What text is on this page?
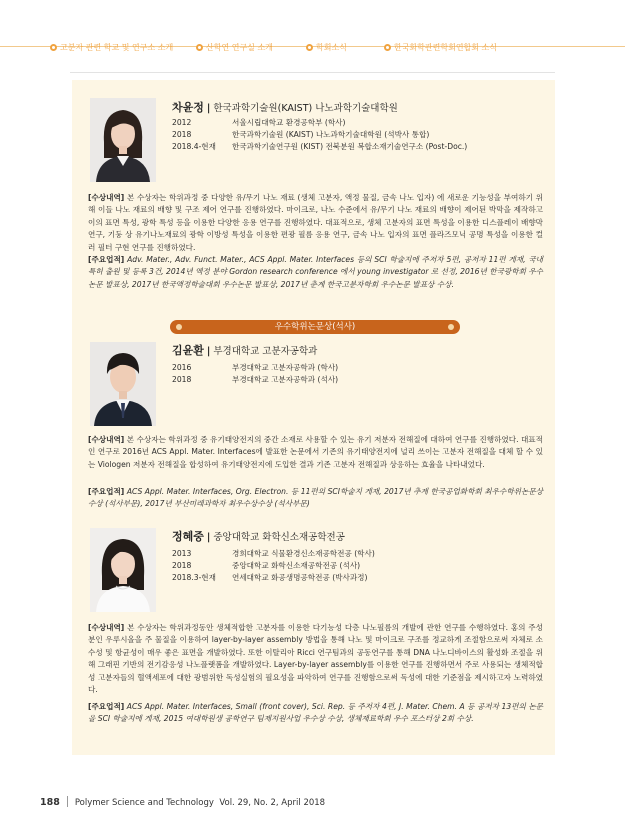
고분자 관련 학교 및 연구소 소개	산학연 연구실 소개	학회소식	한국화학관련학회연합회 소식
차윤정 | 한국과학기술원(KAIST) 나노과학기술대학원
2012	서울시립대학교 환경공학부 (학사)
2018	한국과학기술원 (KAIST) 나노과학기술대학원 (석박사 통합)
2018.4-현재 한국과학기술연구원 (KIST) 전북분원 복합소재기술연구소 (Post-Doc.)
[수상내역] 본 수상자는 학위과정 중 다양한 유/무기 나노 재료 (생체 고분자, 액정 물질, 금속 나노 입자) 에 새로운 기능성을 부여하기 위해 이들 나노 재료의 배향 및 구조 제어 연구를 진행하였다. 마이크로, 나노 수준에서 유/무기 나노 재료의 배향이 제어된 박막을 제작하고 이의 표면 특성, 광학 특성 등을 이용한 다양한 응용 연구를 진행하였다. 대표적으로, 생체 고분자의 표면 특성을 이용한 디스플레이 배향막 연구, 기둥 상 유기나노재료의 광학 이방성 특성을 이용한 편광 필름 응용 연구, 금속 나노 입자의 표면 플라즈모닉 공명 특성을 이용한 컬러 필터 구현 연구를 진행하였다.
[주요업적] Adv. Mater., Adv. Funct. Mater., ACS Appl. Mater. Interfaces 등의 SCI 학술지에 주저자 5편, 공저자 11편 게재, 국내 특허 출원 및 등록 3건, 2014년 액정 분야 Gordon research conference 에서 young investigator 로 선정, 2016년 한국광학회 우수논문 발표상, 2017년 한국액정학술대회 우수논문 발표상, 2017년 춘계 한국고분자학회 우수논문 발표상 수상.
우수학위논문상(석사)
김윤환 | 부경대학교 고분자공학과
2016	부경대학교 고분자공학과 (학사)
2018	부경대학교 고분자공학과 (석사)
[수상내역] 본 수상자는 학위과정 중 유기태양전지의 중간 소재로 사용할 수 있는 유기 저분자 전해질에 대하여 연구를 진행하였다. 대표적인 연구로 2016년 ACS Appl. Mater. Interfaces에 발표한 논문에서 기존의 유기태양전지에 널리 쓰이는 고분자 전해질을 대체 할 수 있는 Viologen 저분자 전해질을 합성하여 유기태양전지에 도입한 결과 기존 고분자 전해질과 상응하는 효율을 나타내었다.
[주요업적] ACS Appl. Mater. Interfaces, Org. Electron. 등 11편의 SCI학술지 게재, 2017년 추계 한국공업화학회 최우수학위논문상 수상 (석사부문), 2017년 부산미래과학자 최우수상수상 (석사부문)
정혜중 | 중앙대학교 화학신소재공학전공
2013	경희대학교 식물환경신소재공학전공 (학사)
2018	중앙대학교 화학신소재공학전공 (석사)
2018.3-현재 연세대학교 화공생명공학전공 (박사과정)
[수상내역] 본 수상자는 학위과정동안 생체적합한 고분자를 이용한 다기능성 다층 나노필름의 개발에 관한 연구를 수행하였다. 홍의 주성분인 우루시올을 주 물질을 이용하여 layer-by-layer assembly 방법을 통해 나노 및 마이크로 구조를 정교하게 조절함으로써 자체로 소수성 및 항균성이 매우 좋은 표면을 개발하였다. 또한 이탈리아 Ricci 연구팀과의 공동연구를 통해 DNA 나노디바이스의 활성화 조절을 위해 그래핀 기반의 전기감응성 나노플랫폼을 개발하였다. Layer-by-layer assembly를 이용한 연구를 진행하면서 주로 사용되는 생체적합성 고분자들의 혈액세포에 대한 광범위한 독성실험의 필요성을 파악하여 연구를 진행함으로써 독성에 대한 기준점을 제시하고자 노력하였다.
[주요업적] ACS Appl. Mater. Interfaces, Small (front cover), Sci. Rep. 등 주저자 4편, J. Mater. Chem. A 등 공저자 13편의 논문을 SCI 학술지에 게재, 2015 여대학원생 공학연구 팀제지원사업 우수상 수상, 생체재료학회 우수 포스터상 2회 수상.
188 Polymer Science and Technology Vol. 29, No. 2, April 2018
